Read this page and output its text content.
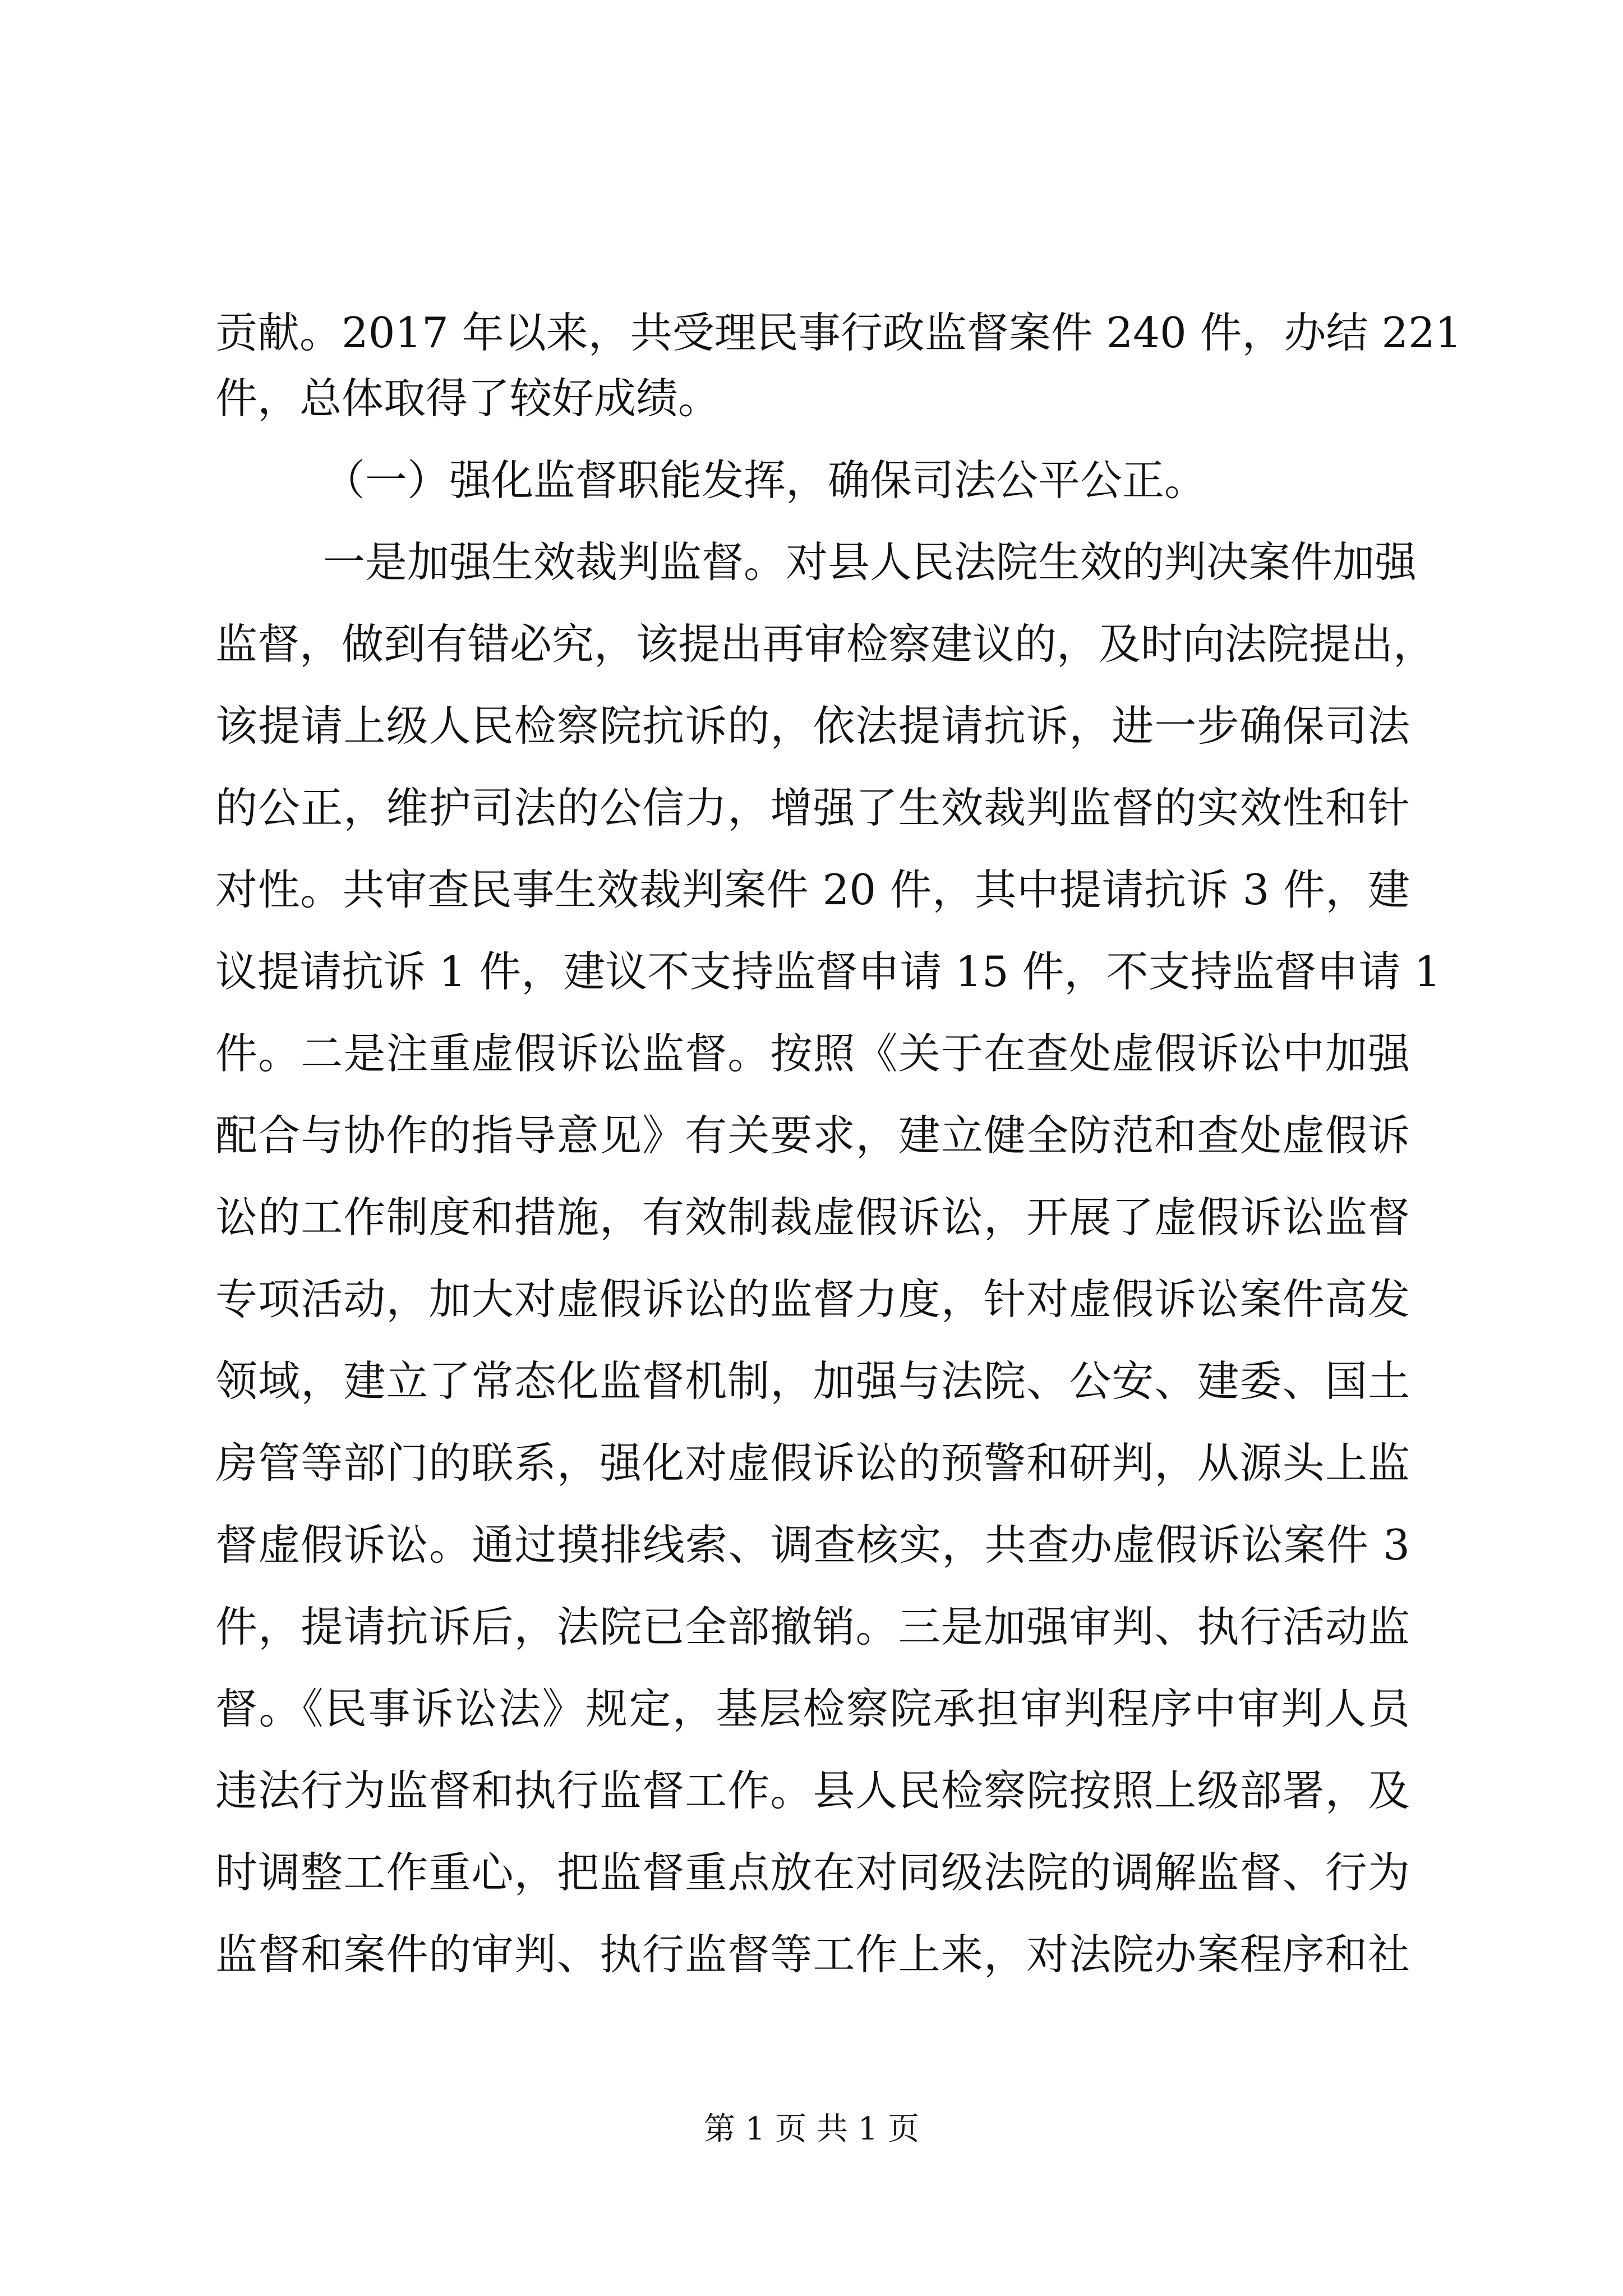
贡献。2017 年以来，共受理民事行政监督案件 240 件，办结 221
件，总体取得了较好成绩。
（一）强化监督职能发挥，确保司法公平公正。
一是加强生效裁判监督。对县人民法院生效的判决案件加强
监督，做到有错必究，该提出再审检察建议的，及时向法院提出，
该提请上级人民检察院抗诉的，依法提请抗诉，进一步确保司法
的公正，维护司法的公信力，增强了生效裁判监督的实效性和针
对性。共审查民事生效裁判案件 20 件，其中提请抗诉 3 件，建
议提请抗诉 1 件，建议不支持监督申请 15 件，不支持监督申请 1
件。二是注重虚假诉讼监督。按照《关于在查处虚假诉讼中加强
配合与协作的指导意见》有关要求，建立健全防范和查处虚假诉
讼的工作制度和措施，有效制裁虚假诉讼，开展了虚假诉讼监督
专项活动，加大对虚假诉讼的监督力度，针对虚假诉讼案件高发
领域，建立了常态化监督机制，加强与法院、公安、建委、国土
房管等部门的联系，强化对虚假诉讼的预警和研判，从源头上监
督虚假诉讼。通过摸排线索、调查核实，共查办虚假诉讼案件 3
件，提请抗诉后，法院已全部撤销。三是加强审判、执行活动监
督。《民事诉讼法》规定，基层检察院承担审判程序中审判人员
违法行为监督和执行监督工作。县人民检察院按照上级部署，及
时调整工作重心，把监督重点放在对同级法院的调解监督、行为
监督和案件的审判、执行监督等工作上来，对法院办案程序和社
第 1 页 共 1 页
